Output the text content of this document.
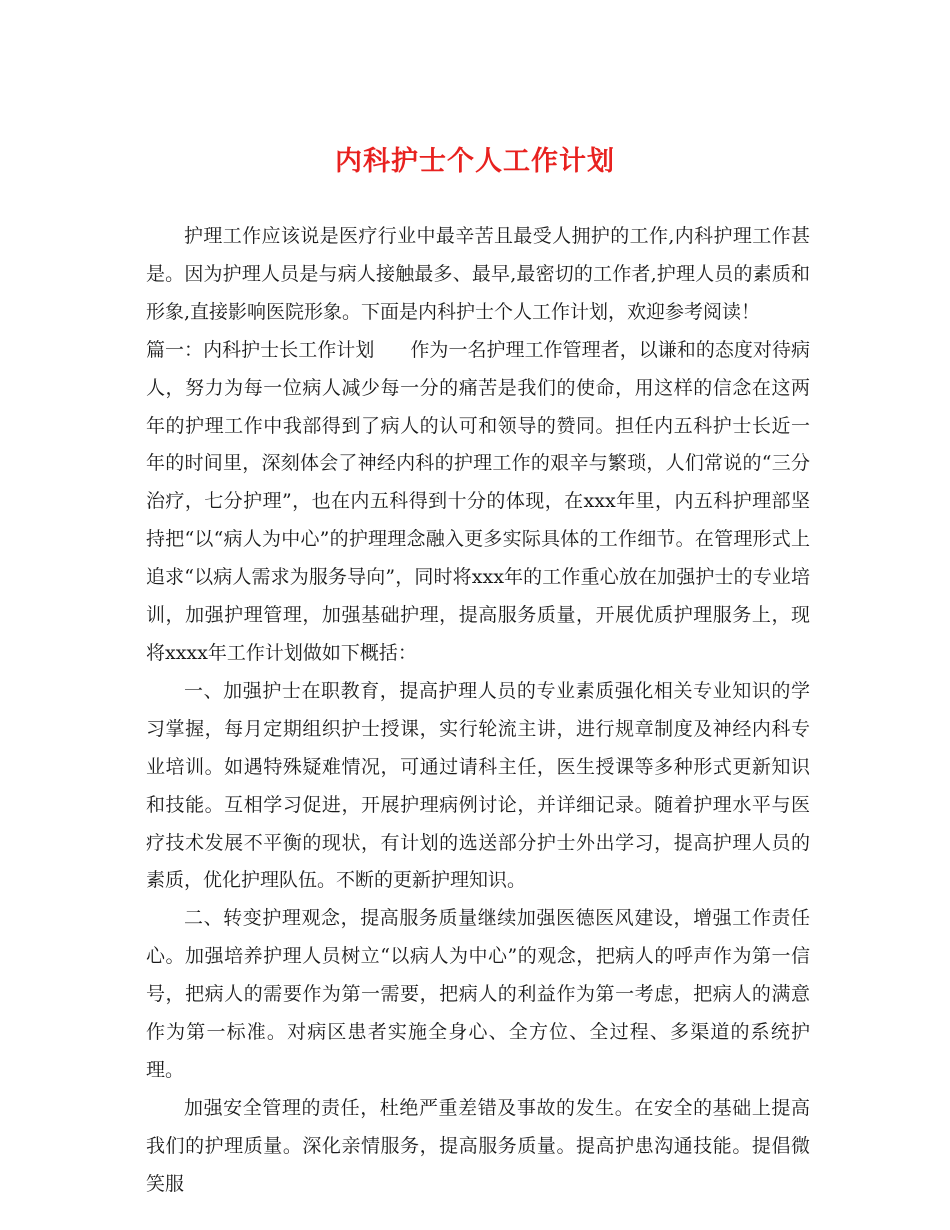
内科护士个人工作计划

护理工作应该说是医疗行业中最辛苦且最受人拥护的工作,内科护理工作甚是。因为护理人员是与病人接触最多、最早,最密切的工作者,护理人员的素质和形象,直接影响医院形象。下面是内科护士个人工作计划，欢迎参考阅读！

篇一：内科护士长工作计划 作为一名护理工作管理者，以谦和的态度对待病人，努力为每一位病人减少每一分的痛苦是我们的使命，用这样的信念在这两年的护理工作中我部得到了病人的认可和领导的赞同。担任内五科护士长近一年的时间里，深刻体会了神经内科的护理工作的艰辛与繁琐，人们常说的“三分治疗，七分护理”，也在内五科得到十分的体现，在xxx年里，内五科护理部坚持把“以“病人为中心”的护理理念融入更多实际具体的工作细节。在管理形式上追求“以病人需求为服务导向”，同时将xxx年的工作重心放在加强护士的专业培训，加强护理管理，加强基础护理，提高服务质量，开展优质护理服务上，现将xxxx年工作计划做如下概括：

一、加强护士在职教育，提高护理人员的专业素质强化相关专业知识的学习掌握，每月定期组织护士授课，实行轮流主讲，进行规章制度及神经内科专业培训。如遇特殊疑难情况，可通过请科主任，医生授课等多种形式更新知识和技能。互相学习促进，开展护理病例讨论，并详细记录。随着护理水平与医疗技术发展不平衡的现状，有计划的选送部分护士外出学习，提高护理人员的素质，优化护理队伍。不断的更新护理知识。

二、转变护理观念，提高服务质量继续加强医德医风建设，增强工作责任心。加强培养护理人员树立“以病人为中心”的观念，把病人的呼声作为第一信号，把病人的需要作为第一需要，把病人的利益作为第一考虑，把病人的满意作为第一标准。对病区患者实施全身心、全方位、全过程、多渠道的系统护理。

加强安全管理的责任，杜绝严重差错及事故的发生。在安全的基础上提高我们的护理质量。深化亲情服务，提高服务质量。提高护患沟通技能。提倡微笑服
